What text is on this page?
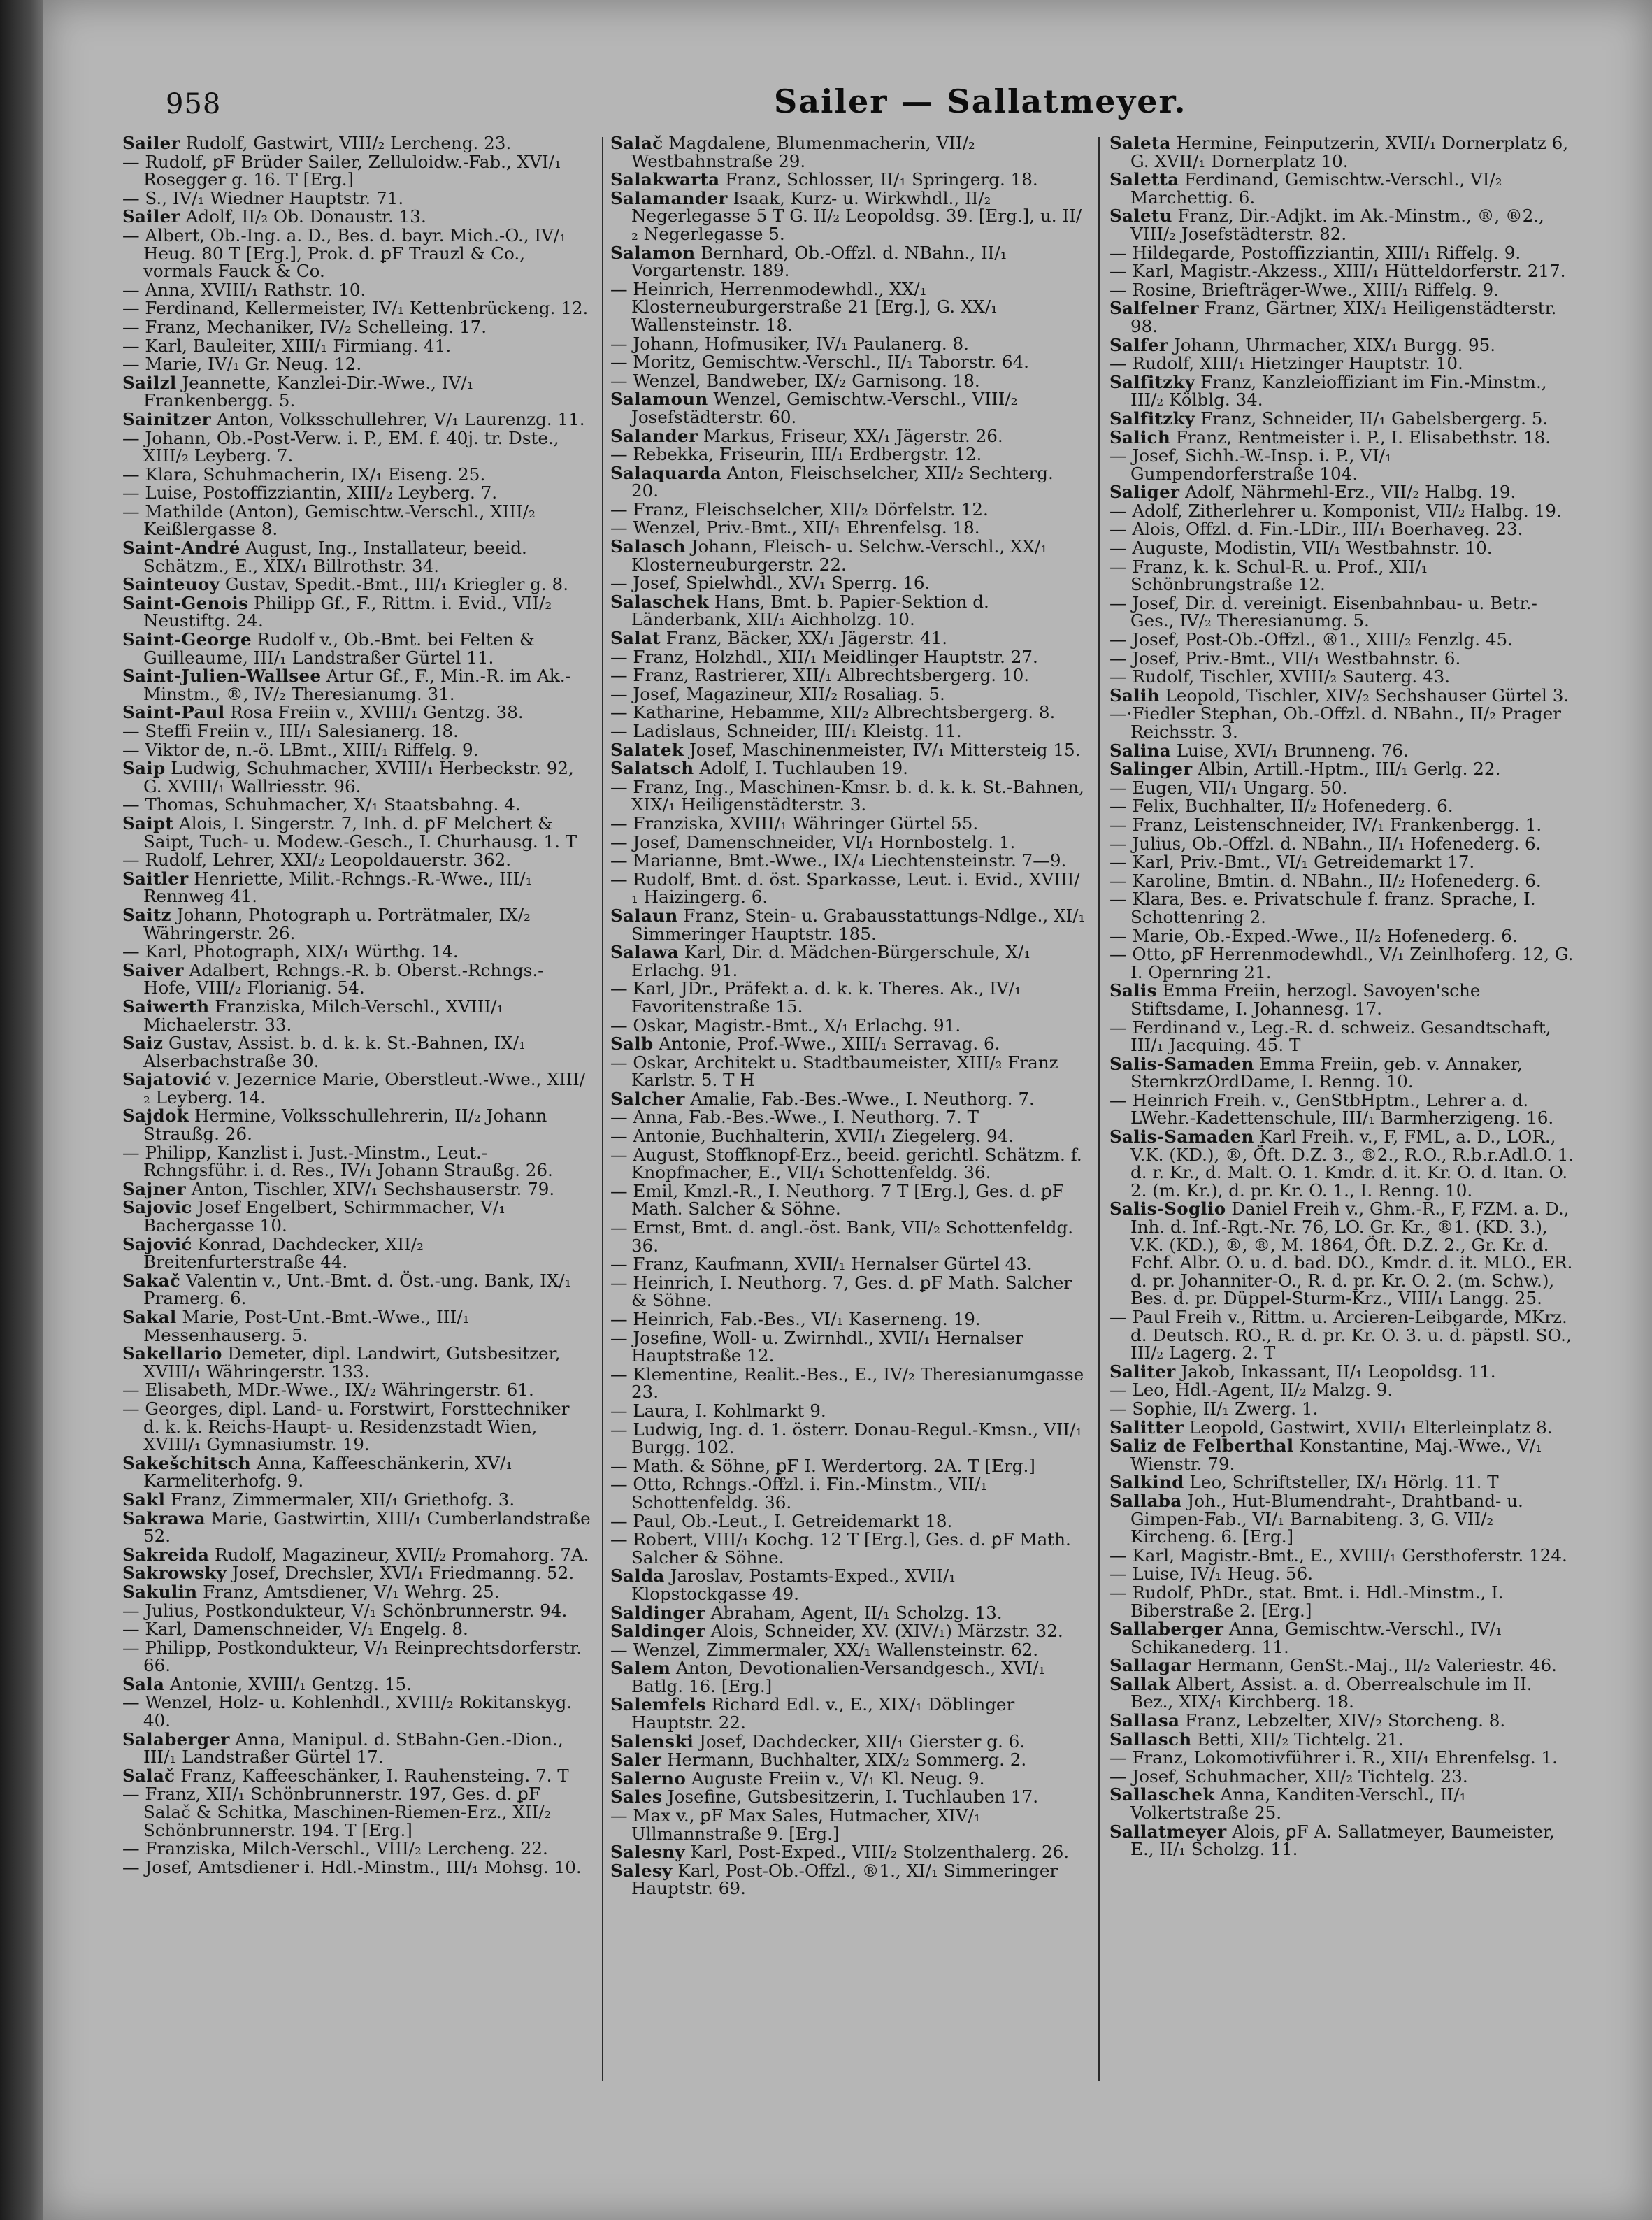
958	Sailer — Sallatmeyer.

Sailer Rudolf, Gastwirt, VIII/₂ Lercheng. 23.

— Rudolf, ꝑF Brüder Sailer, Zelluloidw.-Fab., XVI/₁ Rosegger g. 16. T [Erg.]

— S., IV/₁ Wiedner Hauptstr. 71.

Sailer Adolf, II/₂ Ob. Donaustr. 13.

— Albert, Ob.-Ing. a. D., Bes. d. bayr. Mich.-O., IV/₁ Heug. 80 T [Erg.], Prok. d. ꝑF Trauzl & Co., vormals Fauck & Co.

— Anna, XVIII/₁ Rathstr. 10.

— Ferdinand, Kellermeister, IV/₁ Kettenbrückeng. 12.

— Franz, Mechaniker, IV/₂ Schelleing. 17.

— Karl, Bauleiter, XIII/₁ Firmiang. 41.

— Marie, IV/₁ Gr. Neug. 12.

Sailzl Jeannette, Kanzlei-Dir.-Wwe., IV/₁ Frankenbergg. 5.

Sainitzer Anton, Volksschullehrer, V/₁ Laurenzg. 11.

— Johann, Ob.-Post-Verw. i. P., EM. f. 40j. tr. Dste., XIII/₂ Leyberg. 7.

— Klara, Schuhmacherin, IX/₁ Eiseng. 25.

— Luise, Postoffizziantin, XIII/₂ Leyberg. 7.

— Mathilde (Anton), Gemischtw.-Verschl., XIII/₂ Keißlergasse 8.

Saint-André August, Ing., Installateur, beeid. Schätzm., E., XIX/₁ Billrothstr. 34.

Sainteuoy Gustav, Spedit.-Bmt., III/₁ Kriegler g. 8.

Saint-Genois Philipp Gf., F., Rittm. i. Evid., VII/₂ Neustiftg. 24.

Saint-George Rudolf v., Ob.-Bmt. bei Felten & Guilleaume, III/₁ Landstraßer Gürtel 11.

Saint-Julien-Wallsee Artur Gf., F., Min.-R. im Ak.-Minstm., ®, IV/₂ Theresianumg. 31.

Saint-Paul Rosa Freiin v., XVIII/₁ Gentzg. 38.

— Steffi Freiin v., III/₁ Salesianerg. 18.

— Viktor de, n.-ö. LBmt., XIII/₁ Riffelg. 9.

Saip Ludwig, Schuhmacher, XVIII/₁ Herbeckstr. 92, G. XVIII/₁ Wallriesstr. 96.

— Thomas, Schuhmacher, X/₁ Staatsbahng. 4.

Saipt Alois, I. Singerstr. 7, Inh. d. ꝑF Melchert & Saipt, Tuch- u. Modew.-Gesch., I. Churhausg. 1. T

— Rudolf, Lehrer, XXI/₂ Leopoldauerstr. 362.

Saitler Henriette, Milit.-Rchngs.-R.-Wwe., III/₁ Rennweg 41.

Saitz Johann, Photograph u. Porträtmaler, IX/₂ Währingerstr. 26.

— Karl, Photograph, XIX/₁ Würthg. 14.

Saiver Adalbert, Rchngs.-R. b. Oberst.-Rchngs.-Hofe, VIII/₂ Florianig. 54.

Saiwerth Franziska, Milch-Verschl., XVIII/₁ Michaelerstr. 33.

Saiz Gustav, Assist. b. d. k. k. St.-Bahnen, IX/₁ Alserbachstraße 30.

Sajatović v. Jezernice Marie, Oberstleut.-Wwe., XIII/₂ Leyberg. 14.

Sajdok Hermine, Volksschullehrerin, II/₂ Johann Straußg. 26.

— Philipp, Kanzlist i. Just.-Minstm., Leut.-Rchngsführ. i. d. Res., IV/₁ Johann Straußg. 26.

Sajner Anton, Tischler, XIV/₁ Sechshauserstr. 79.

Sajovic Josef Engelbert, Schirmmacher, V/₁ Bachergasse 10.

Sajović Konrad, Dachdecker, XII/₂ Breitenfurterstraße 44.

Sakač Valentin v., Unt.-Bmt. d. Öst.-ung. Bank, IX/₁ Pramerg. 6.

Sakal Marie, Post-Unt.-Bmt.-Wwe., III/₁ Messenhauserg. 5.

Sakellario Demeter, dipl. Landwirt, Gutsbesitzer, XVIII/₁ Währingerstr. 133.

— Elisabeth, MDr.-Wwe., IX/₂ Währingerstr. 61.

— Georges, dipl. Land- u. Forstwirt, Forsttechniker d. k. k. Reichs-Haupt- u. Residenzstadt Wien, XVIII/₁ Gymnasiumstr. 19.

Sakešchitsch Anna, Kaffeeschänkerin, XV/₁ Karmeliterhofg. 9.

Sakl Franz, Zimmermaler, XII/₁ Griethofg. 3.

Sakrawa Marie, Gastwirtin, XIII/₁ Cumberlandstraße 52.

Sakreida Rudolf, Magazineur, XVII/₂ Promahorg. 7A.

Sakrowsky Josef, Drechsler, XVI/₁ Friedmanng. 52.

Sakulin Franz, Amtsdiener, V/₁ Wehrg. 25.

— Julius, Postkondukteur, V/₁ Schönbrunnerstr. 94.

— Karl, Damenschneider, V/₁ Engelg. 8.

— Philipp, Postkondukteur, V/₁ Reinprechtsdorferstr. 66.

Sala Antonie, XVIII/₁ Gentzg. 15.

— Wenzel, Holz- u. Kohlenhdl., XVIII/₂ Rokitanskyg. 40.

Salaberger Anna, Manipul. d. StBahn-Gen.-Dion., III/₁ Landstraßer Gürtel 17.

Salač Franz, Kaffeeschänker, I. Rauhensteing. 7. T

— Franz, XII/₁ Schönbrunnerstr. 197, Ges. d. ꝑF Salač & Schitka, Maschinen-Riemen-Erz., XII/₂ Schönbrunnerstr. 194. T [Erg.]

— Franziska, Milch-Verschl., VIII/₂ Lercheng. 22.

— Josef, Amtsdiener i. Hdl.-Minstm., III/₁ Mohsg. 10.

Salač Magdalene, Blumenmacherin, VII/₂ Westbahnstraße 29.

Salakwarta Franz, Schlosser, II/₁ Springerg. 18.

Salamander Isaak, Kurz- u. Wirkwhdl., II/₂ Negerlegasse 5 T G. II/₂ Leopoldsg. 39. [Erg.], u. II/₂ Negerlegasse 5.

Salamon Bernhard, Ob.-Offzl. d. NBahn., II/₁ Vorgartenstr. 189.

— Heinrich, Herrenmodewhdl., XX/₁ Klosterneuburgerstraße 21 [Erg.], G. XX/₁ Wallensteinstr. 18.

— Johann, Hofmusiker, IV/₁ Paulanerg. 8.

— Moritz, Gemischtw.-Verschl., II/₁ Taborstr. 64.

— Wenzel, Bandweber, IX/₂ Garnisong. 18.

Salamoun Wenzel, Gemischtw.-Verschl., VIII/₂ Josefstädterstr. 60.

Salander Markus, Friseur, XX/₁ Jägerstr. 26.

— Rebekka, Friseurin, III/₁ Erdbergstr. 12.

Salaquarda Anton, Fleischselcher, XII/₂ Sechterg. 20.

— Franz, Fleischselcher, XII/₂ Dörfelstr. 12.

— Wenzel, Priv.-Bmt., XII/₁ Ehrenfelsg. 18.

Salasch Johann, Fleisch- u. Selchw.-Verschl., XX/₁ Klosterneuburgerstr. 22.

— Josef, Spielwhdl., XV/₁ Sperrg. 16.

Salaschek Hans, Bmt. b. Papier-Sektion d. Länderbank, XII/₁ Aichholzg. 10.

Salat Franz, Bäcker, XX/₁ Jägerstr. 41.

— Franz, Holzhdl., XII/₁ Meidlinger Hauptstr. 27.

— Franz, Rastrierer, XII/₁ Albrechtsbergerg. 10.

— Josef, Magazineur, XII/₂ Rosaliag. 5.

— Katharine, Hebamme, XII/₂ Albrechtsbergerg. 8.

— Ladislaus, Schneider, III/₁ Kleistg. 11.

Salatek Josef, Maschinenmeister, IV/₁ Mittersteig 15.

Salatsch Adolf, I. Tuchlauben 19.

— Franz, Ing., Maschinen-Kmsr. b. d. k. k. St.-Bahnen, XIX/₁ Heiligenstädterstr. 3.

— Franziska, XVIII/₁ Währinger Gürtel 55.

— Josef, Damenschneider, VI/₁ Hornbostelg. 1.

— Marianne, Bmt.-Wwe., IX/₄ Liechtensteinstr. 7—9.

— Rudolf, Bmt. d. öst. Sparkasse, Leut. i. Evid., XVIII/₁ Haizingerg. 6.

Salaun Franz, Stein- u. Grabausstattungs-Ndlge., XI/₁ Simmeringer Hauptstr. 185.

Salawa Karl, Dir. d. Mädchen-Bürgerschule, X/₁ Erlachg. 91.

— Karl, JDr., Präfekt a. d. k. k. Theres. Ak., IV/₁ Favoritenstraße 15.

— Oskar, Magistr.-Bmt., X/₁ Erlachg. 91.

Salb Antonie, Prof.-Wwe., XIII/₁ Serravag. 6.

— Oskar, Architekt u. Stadtbaumeister, XIII/₂ Franz Karlstr. 5. T H

Salcher Amalie, Fab.-Bes.-Wwe., I. Neuthorg. 7.

— Anna, Fab.-Bes.-Wwe., I. Neuthorg. 7. T

— Antonie, Buchhalterin, XVII/₁ Ziegelerg. 94.

— August, Stoffknopf-Erz., beeid. gerichtl. Schätzm. f. Knopfmacher, E., VII/₁ Schottenfeldg. 36.

— Emil, Kmzl.-R., I. Neuthorg. 7 T [Erg.], Ges. d. ꝑF Math. Salcher & Söhne.

— Ernst, Bmt. d. angl.-öst. Bank, VII/₂ Schottenfeldg. 36.

— Franz, Kaufmann, XVII/₁ Hernalser Gürtel 43.

— Heinrich, I. Neuthorg. 7, Ges. d. ꝑF Math. Salcher & Söhne.

— Heinrich, Fab.-Bes., VI/₁ Kaserneng. 19.

— Josefine, Woll- u. Zwirnhdl., XVII/₁ Hernalser Hauptstraße 12.

— Klementine, Realit.-Bes., E., IV/₂ Theresianumgasse 23.

— Laura, I. Kohlmarkt 9.

— Ludwig, Ing. d. 1. österr. Donau-Regul.-Kmsn., VII/₁ Burgg. 102.

— Math. & Söhne, ꝑF I. Werdertorg. 2A. T [Erg.]

— Otto, Rchngs.-Offzl. i. Fin.-Minstm., VII/₁ Schottenfeldg. 36.

— Paul, Ob.-Leut., I. Getreidemarkt 18.

— Robert, VIII/₁ Kochg. 12 T [Erg.], Ges. d. ꝑF Math. Salcher & Söhne.

Salda Jaroslav, Postamts-Exped., XVII/₁ Klopstockgasse 49.

Saldinger Abraham, Agent, II/₁ Scholzg. 13.

Saldinger Alois, Schneider, XV. (XIV/₁) Märzstr. 32.

— Wenzel, Zimmermaler, XX/₁ Wallensteinstr. 62.

Salem Anton, Devotionalien-Versandgesch., XVI/₁ Batlg. 16. [Erg.]

Salemfels Richard Edl. v., E., XIX/₁ Döblinger Hauptstr. 22.

Salenski Josef, Dachdecker, XII/₁ Gierster g. 6.

Saler Hermann, Buchhalter, XIX/₂ Sommerg. 2.

Salerno Auguste Freiin v., V/₁ Kl. Neug. 9.

Sales Josefine, Gutsbesitzerin, I. Tuchlauben 17.

— Max v., ꝑF Max Sales, Hutmacher, XIV/₁ Ullmannstraße 9. [Erg.]

Salesny Karl, Post-Exped., VIII/₂ Stolzenthalerg. 26.

Salesy Karl, Post-Ob.-Offzl., ®1., XI/₁ Simmeringer Hauptstr. 69.

Saleta Hermine, Feinputzerin, XVII/₁ Dornerplatz 6, G. XVII/₁ Dornerplatz 10.

Saletta Ferdinand, Gemischtw.-Verschl., VI/₂ Marchettig. 6.

Saletu Franz, Dir.-Adjkt. im Ak.-Minstm., ®, ®2., VIII/₂ Josefstädterstr. 82.

— Hildegarde, Postoffizziantin, XIII/₁ Riffelg. 9.

— Karl, Magistr.-Akzess., XIII/₁ Hütteldorferstr. 217.

— Rosine, Briefträger-Wwe., XIII/₁ Riffelg. 9.

Salfelner Franz, Gärtner, XIX/₁ Heiligenstädterstr. 98.

Salfer Johann, Uhrmacher, XIX/₁ Burgg. 95.

— Rudolf, XIII/₁ Hietzinger Hauptstr. 10.

Salfitzky Franz, Kanzleioffiziant im Fin.-Minstm., III/₂ Kölblg. 34.

Salfitzky Franz, Schneider, II/₁ Gabelsbergerg. 5.

Salich Franz, Rentmeister i. P., I. Elisabethstr. 18.

— Josef, Sichh.-W.-Insp. i. P., VI/₁ Gumpendorferstraße 104.

Saliger Adolf, Nährmehl-Erz., VII/₂ Halbg. 19.

— Adolf, Zitherlehrer u. Komponist, VII/₂ Halbg. 19.

— Alois, Offzl. d. Fin.-LDir., III/₁ Boerhaveg. 23.

— Auguste, Modistin, VII/₁ Westbahnstr. 10.

— Franz, k. k. Schul-R. u. Prof., XII/₁ Schönbrungstraße 12.

— Josef, Dir. d. vereinigt. Eisenbahnbau- u. Betr.-Ges., IV/₂ Theresianumg. 5.

— Josef, Post-Ob.-Offzl., ®1., XIII/₂ Fenzlg. 45.

— Josef, Priv.-Bmt., VII/₁ Westbahnstr. 6.

— Rudolf, Tischler, XVIII/₂ Sauterg. 43.

Salih Leopold, Tischler, XIV/₂ Sechshauser Gürtel 3.

—·Fiedler Stephan, Ob.-Offzl. d. NBahn., II/₂ Prager Reichsstr. 3.

Salina Luise, XVI/₁ Brunneng. 76.

Salinger Albin, Artill.-Hptm., III/₁ Gerlg. 22.

— Eugen, VII/₁ Ungarg. 50.

— Felix, Buchhalter, II/₂ Hofenederg. 6.

— Franz, Leistenschneider, IV/₁ Frankenbergg. 1.

— Julius, Ob.-Offzl. d. NBahn., II/₁ Hofenederg. 6.

— Karl, Priv.-Bmt., VI/₁ Getreidemarkt 17.

— Karoline, Bmtin. d. NBahn., II/₂ Hofenederg. 6.

— Klara, Bes. e. Privatschule f. franz. Sprache, I. Schottenring 2.

— Marie, Ob.-Exped.-Wwe., II/₂ Hofenederg. 6.

— Otto, ꝑF Herrenmodewhdl., V/₁ Zeinlhoferg. 12, G. I. Opernring 21.

Salis Emma Freiin, herzogl. Savoyen'sche Stiftsdame, I. Johannesg. 17.

— Ferdinand v., Leg.-R. d. schweiz. Gesandtschaft, III/₁ Jacquing. 45. T

Salis-Samaden Emma Freiin, geb. v. Annaker, SternkrzOrdDame, I. Renng. 10.

— Heinrich Freih. v., GenStbHptm., Lehrer a. d. LWehr.-Kadettenschule, III/₁ Barmherzigeng. 16.

Salis-Samaden Karl Freih. v., F, FML, a. D., LOR., V.K. (KD.), ®, Öft. D.Z. 3., ®2., R.O., R.b.r.Adl.O. 1. d. r. Kr., d. Malt. O. 1. Kmdr. d. it. Kr. O. d. Itan. O. 2. (m. Kr.), d. pr. Kr. O. 1., I. Renng. 10.

Salis-Soglio Daniel Freih v., Ghm.-R., F, FZM. a. D., Inh. d. Inf.-Rgt.-Nr. 76, LO. Gr. Kr., ®1. (KD. 3.), V.K. (KD.), ®, ®, M. 1864, Öft. D.Z. 2., Gr. Kr. d. Fchf. Albr. O. u. d. bad. DO., Kmdr. d. it. MLO., ER. d. pr. Johanniter-O., R. d. pr. Kr. O. 2. (m. Schw.), Bes. d. pr. Düppel-Sturm-Krz., VIII/₁ Langg. 25.

— Paul Freih v., Rittm. u. Arcieren-Leibgarde, MKrz. d. Deutsch. RO., R. d. pr. Kr. O. 3. u. d. päpstl. SO., III/₂ Lagerg. 2. T

Saliter Jakob, Inkassant, II/₁ Leopoldsg. 11.

— Leo, Hdl.-Agent, II/₂ Malzg. 9.

— Sophie, II/₁ Zwerg. 1.

Salitter Leopold, Gastwirt, XVII/₁ Elterleinplatz 8.

Saliz de Felberthal Konstantine, Maj.-Wwe., V/₁ Wienstr. 79.

Salkind Leo, Schriftsteller, IX/₁ Hörlg. 11. T

Sallaba Joh., Hut-Blumendraht-, Drahtband- u. Gimpen-Fab., VI/₁ Barnabiteng. 3, G. VII/₂ Kircheng. 6. [Erg.]

— Karl, Magistr.-Bmt., E., XVIII/₁ Gersthoferstr. 124.

— Luise, IV/₁ Heug. 56.

— Rudolf, PhDr., stat. Bmt. i. Hdl.-Minstm., I. Biberstraße 2. [Erg.]

Sallaberger Anna, Gemischtw.-Verschl., IV/₁ Schikanederg. 11.

Sallagar Hermann, GenSt.-Maj., II/₂ Valeriestr. 46.

Sallak Albert, Assist. a. d. Oberrealschule im II. Bez., XIX/₁ Kirchberg. 18.

Sallasa Franz, Lebzelter, XIV/₂ Storcheng. 8.

Sallasch Betti, XII/₂ Tichtelg. 21.

— Franz, Lokomotivführer i. R., XII/₁ Ehrenfelsg. 1.

— Josef, Schuhmacher, XII/₂ Tichtelg. 23.

Sallaschek Anna, Kanditen-Verschl., II/₁ Volkertstraße 25.

Sallatmeyer Alois, ꝑF A. Sallatmeyer, Baumeister, E., II/₁ Scholzg. 11.
